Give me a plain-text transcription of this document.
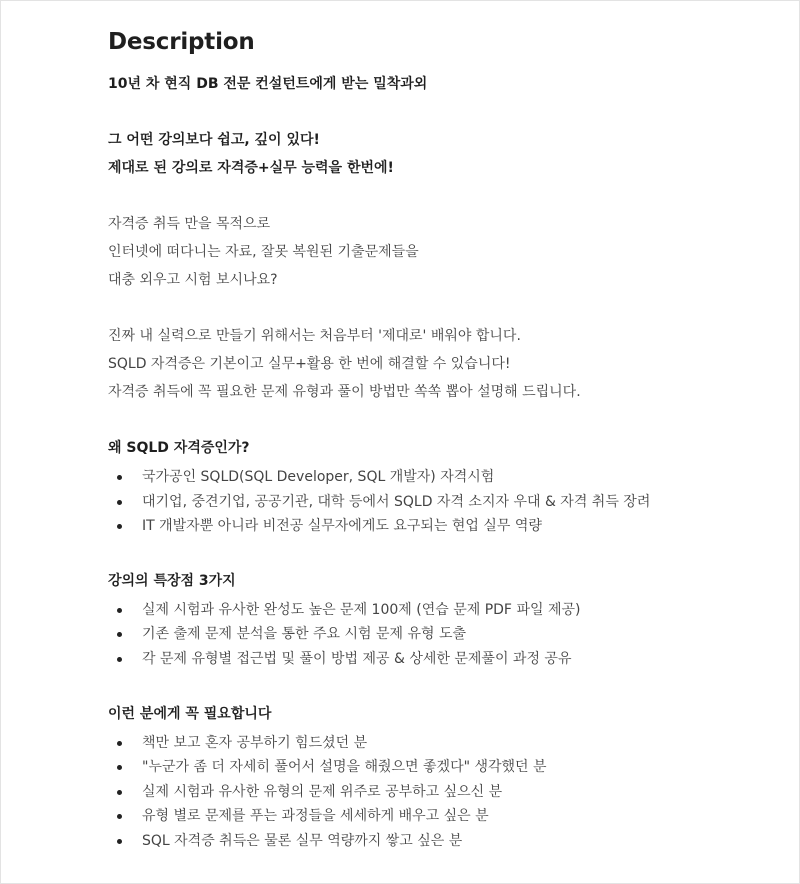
Description

10년 차 현직 DB 전문 컨설턴트에게 받는 밀착과외

그 어떤 강의보다 쉽고, 깊이 있다!

제대로 된 강의로 자격증+실무 능력을 한번에!

자격증 취득 만을 목적으로

인터넷에 떠다니는 자료, 잘못 복원된 기출문제들을

대충 외우고 시험 보시나요?

진짜 내 실력으로 만들기 위해서는 처음부터 '제대로' 배워야 합니다.

SQLD 자격증은 기본이고 실무+활용 한 번에 해결할 수 있습니다!

자격증 취득에 꼭 필요한 문제 유형과 풀이 방법만 쏙쏙 뽑아 설명해 드립니다.

왜 SQLD 자격증인가?

국가공인 SQLD(SQL Developer, SQL 개발자) 자격시험
대기업, 중견기업, 공공기관, 대학 등에서 SQLD 자격 소지자 우대 & 자격 취득 장려
IT 개발자뿐 아니라 비전공 실무자에게도 요구되는 현업 실무 역량

강의의 특장점 3가지

실제 시험과 유사한 완성도 높은 문제 100제 (연습 문제 PDF 파일 제공)
기존 출제 문제 분석을 통한 주요 시험 문제 유형 도출
각 문제 유형별 접근법 및 풀이 방법 제공 & 상세한 문제풀이 과정 공유

이런 분에게 꼭 필요합니다

책만 보고 혼자 공부하기 힘드셨던 분
"누군가 좀 더 자세히 풀어서 설명을 해줬으면 좋겠다" 생각했던 분
실제 시험과 유사한 유형의 문제 위주로 공부하고 싶으신 분
유형 별로 문제를 푸는 과정들을 세세하게 배우고 싶은 분
SQL 자격증 취득은 물론 실무 역량까지 쌓고 싶은 분
